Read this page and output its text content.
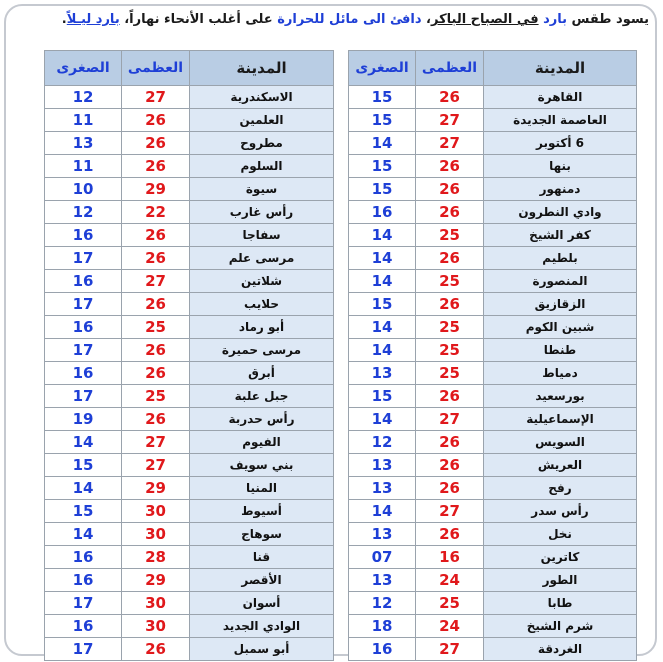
يسود طقس بارد في الصباح الباكر، دافئ الى مائل للحرارة على أغلب الأنحاء نهاراً، بارد ليـلاً.
المدينة	العظمى	الصغرى
القاهرة	26	15
العاصمة الجديدة	27	15
6 أكتوبر	27	14
بنها	26	15
دمنهور	26	15
وادي النطرون	26	16
كفر الشيخ	25	14
بلطيم	26	14
المنصورة	25	14
الزقازيق	26	15
شبين الكوم	25	14
طنطا	25	14
دمياط	25	13
بورسعيد	26	15
الإسماعيلية	27	14
السويس	26	12
العريش	26	13
رفح	26	13
رأس سدر	27	14
نخل	26	13
كاترين	16	07
الطور	24	13
طابا	25	12
شرم الشيخ	24	18
الغردقة	27	16
المدينة	العظمى	الصغرى
الاسكندرية	27	12
العلمين	26	11
مطروح	26	13
السلوم	26	11
سيوة	29	10
رأس غارب	22	12
سفاجا	26	16
مرسى علم	26	17
شلاتين	27	16
حلايب	26	17
أبو رماد	25	16
مرسى حميرة	26	17
أبرق	26	16
جبل علبة	25	17
رأس حدربة	26	19
الفيوم	27	14
بني سويف	27	15
المنيا	29	14
أسيوط	30	15
سوهاج	30	14
قنا	28	16
الأقصر	29	16
أسوان	30	17
الوادي الجديد	30	16
أبو سمبل	26	17
